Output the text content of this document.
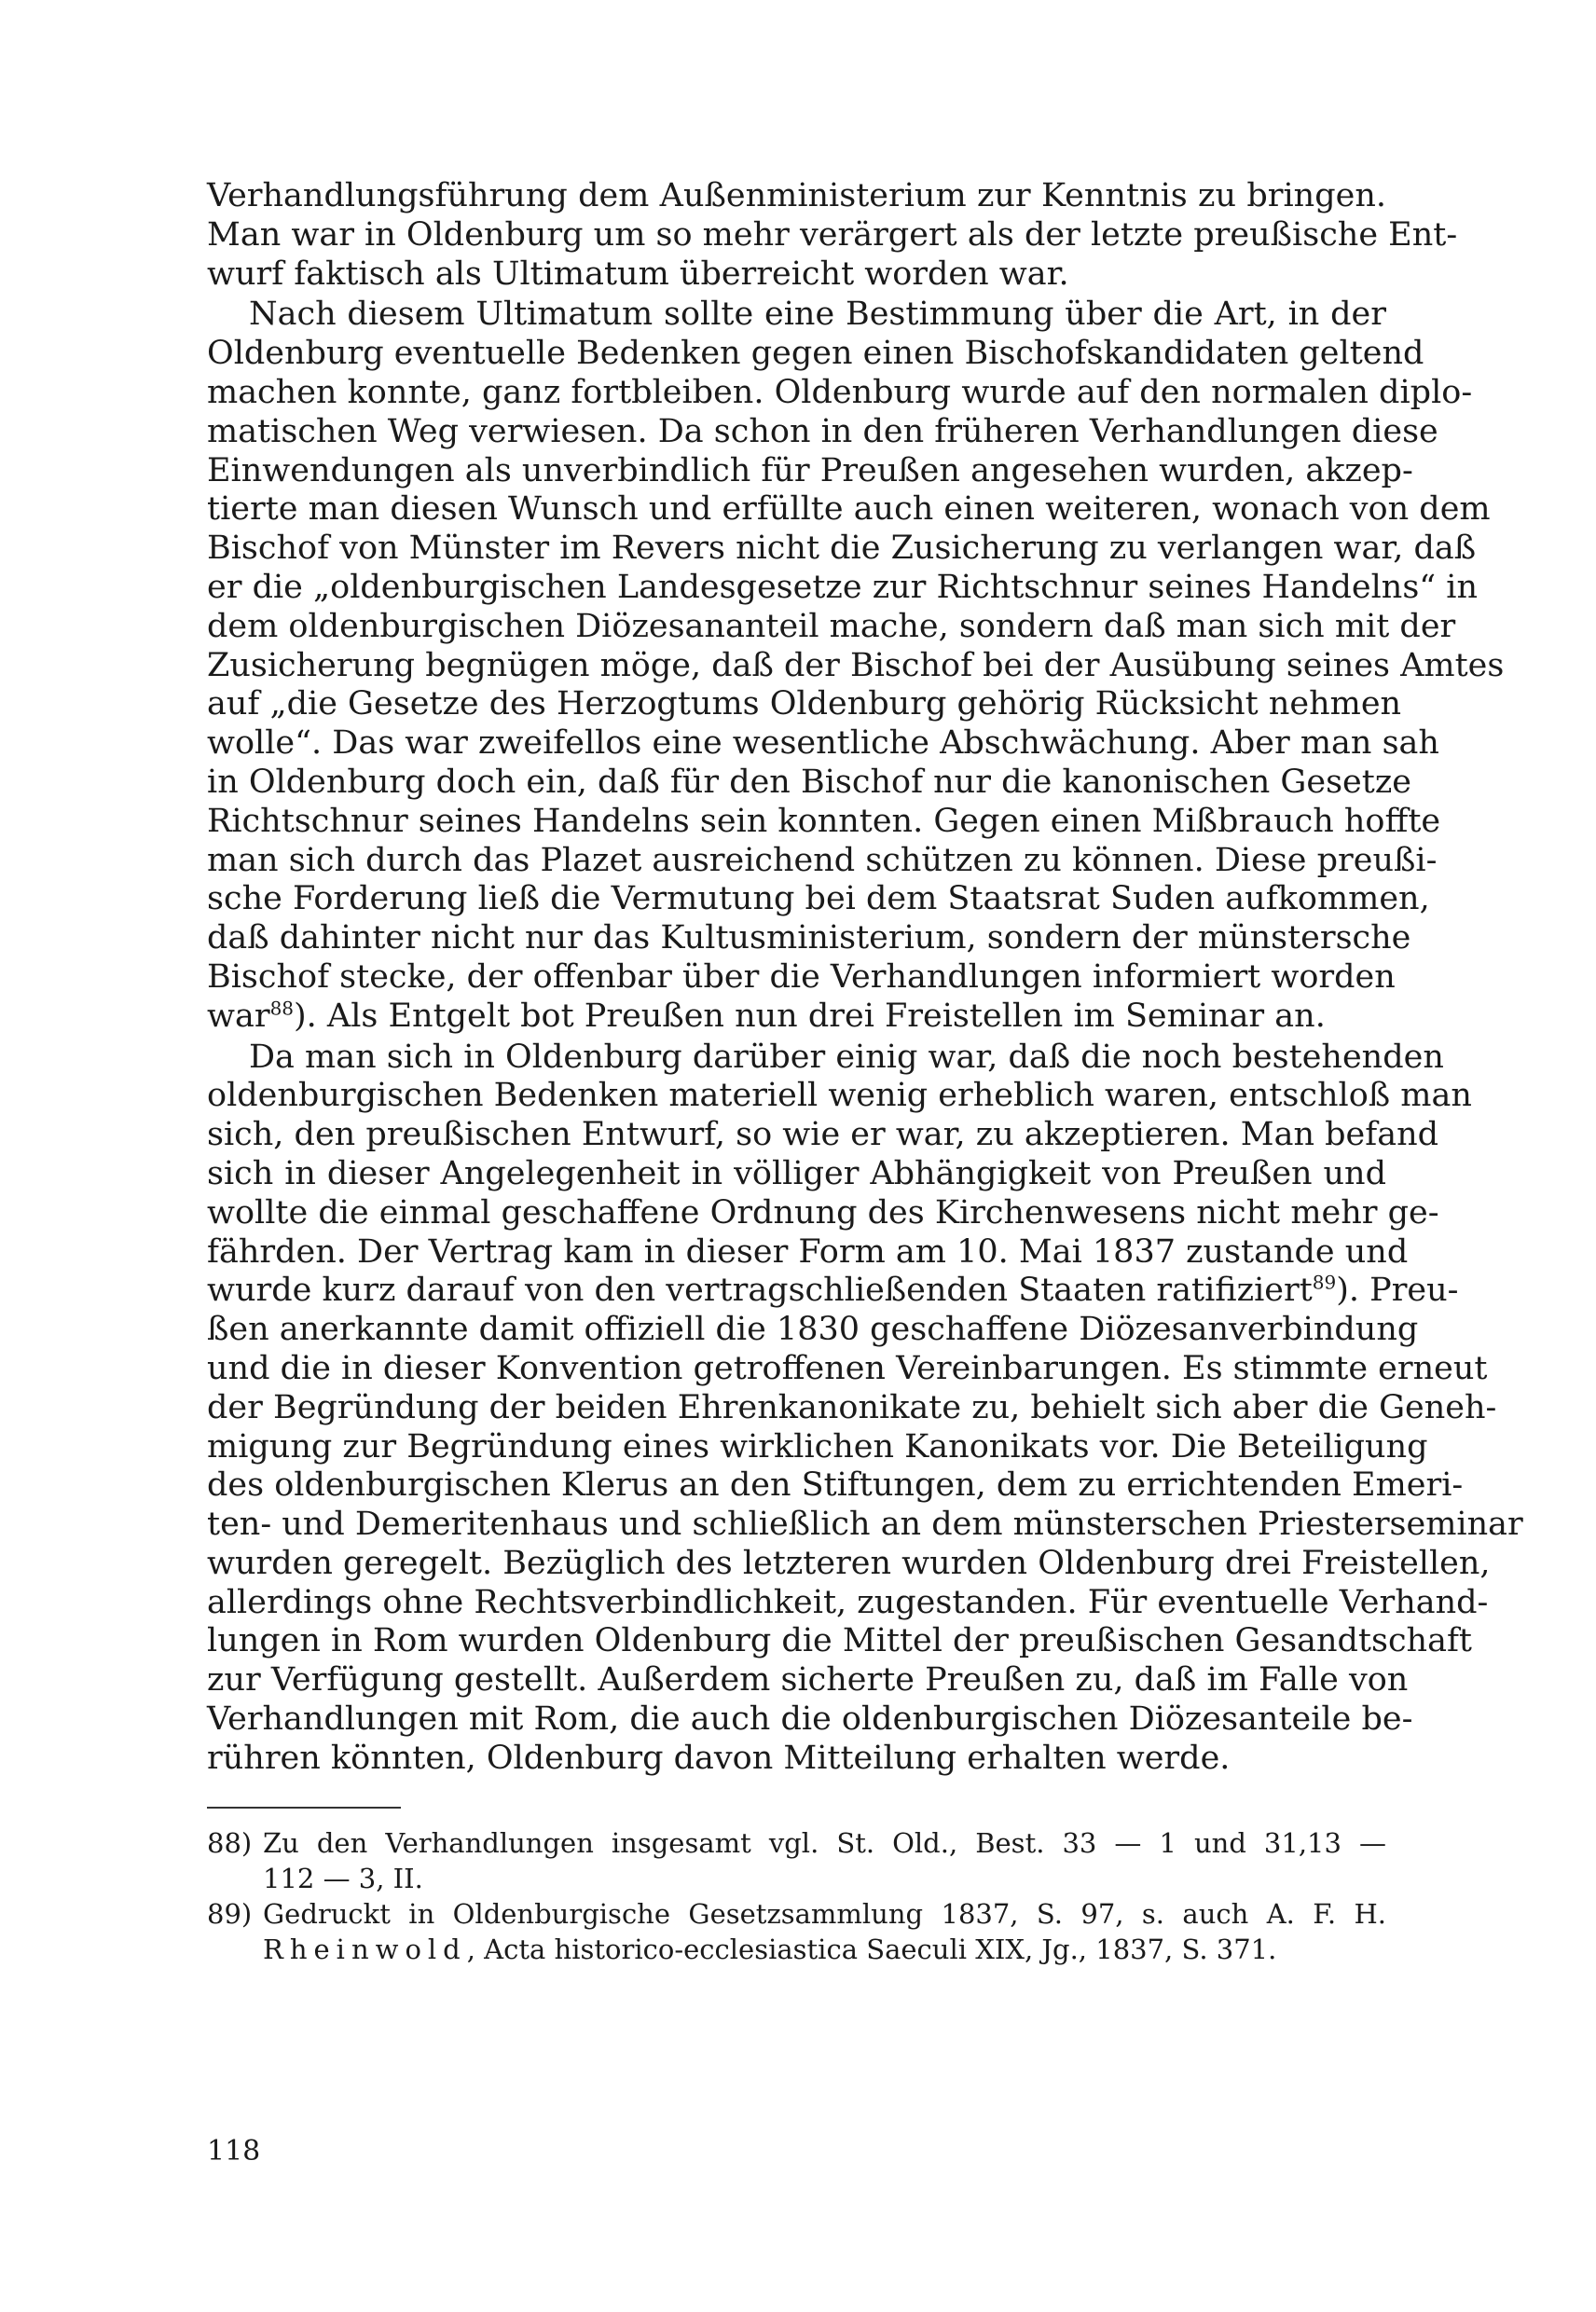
Verhandlungsführung dem Außenministerium zur Kenntnis zu bringen.
Man war in Oldenburg um so mehr verärgert als der letzte preußische Ent-
wurf faktisch als Ultimatum überreicht worden war.

Nach diesem Ultimatum sollte eine Bestimmung über die Art, in der
Oldenburg eventuelle Bedenken gegen einen Bischofskandidaten geltend
machen konnte, ganz fortbleiben. Oldenburg wurde auf den normalen diplo-
matischen Weg verwiesen. Da schon in den früheren Verhandlungen diese
Einwendungen als unverbindlich für Preußen angesehen wurden, akzep-
tierte man diesen Wunsch und erfüllte auch einen weiteren, wonach von dem
Bischof von Münster im Revers nicht die Zusicherung zu verlangen war, daß
er die „oldenburgischen Landesgesetze zur Richtschnur seines Handelns“ in
dem oldenburgischen Diözesananteil mache, sondern daß man sich mit der
Zusicherung begnügen möge, daß der Bischof bei der Ausübung seines Amtes
auf „die Gesetze des Herzogtums Oldenburg gehörig Rücksicht nehmen
wolle“. Das war zweifellos eine wesentliche Abschwächung. Aber man sah
in Oldenburg doch ein, daß für den Bischof nur die kanonischen Gesetze
Richtschnur seines Handelns sein konnten. Gegen einen Mißbrauch hoffte
man sich durch das Plazet ausreichend schützen zu können. Diese preußi-
sche Forderung ließ die Vermutung bei dem Staatsrat Suden aufkommen,
daß dahinter nicht nur das Kultusministerium, sondern der münstersche
Bischof stecke, der offenbar über die Verhandlungen informiert worden
war$^{88}$). Als Entgelt bot Preußen nun drei Freistellen im Seminar an.

Da man sich in Oldenburg darüber einig war, daß die noch bestehenden
oldenburgischen Bedenken materiell wenig erheblich waren, entschloß man
sich, den preußischen Entwurf, so wie er war, zu akzeptieren. Man befand
sich in dieser Angelegenheit in völliger Abhängigkeit von Preußen und
wollte die einmal geschaffene Ordnung des Kirchenwesens nicht mehr ge-
fährden. Der Vertrag kam in dieser Form am 10. Mai 1837 zustande und
wurde kurz darauf von den vertragschließenden Staaten ratifiziert$^{89}$). Preu-
ßen anerkannte damit offiziell die 1830 geschaffene Diözesanverbindung
und die in dieser Konvention getroffenen Vereinbarungen. Es stimmte erneut
der Begründung der beiden Ehrenkanonikate zu, behielt sich aber die Geneh-
migung zur Begründung eines wirklichen Kanonikats vor. Die Beteiligung
des oldenburgischen Klerus an den Stiftungen, dem zu errichtenden Emeri-
ten- und Demeritenhaus und schließlich an dem münsterschen Priesterseminar
wurden geregelt. Bezüglich des letzteren wurden Oldenburg drei Freistellen,
allerdings ohne Rechtsverbindlichkeit, zugestanden. Für eventuelle Verhand-
lungen in Rom wurden Oldenburg die Mittel der preußischen Gesandtschaft
zur Verfügung gestellt. Außerdem sicherte Preußen zu, daß im Falle von
Verhandlungen mit Rom, die auch die oldenburgischen Diözesanteile be-
rühren könnten, Oldenburg davon Mitteilung erhalten werde.

88) Zu den Verhandlungen insgesamt vgl. St. Old., Best. 33 — 1 und 31,13 —
112 — 3, II.
89) Gedruckt in Oldenburgische Gesetzsammlung 1837, S. 97, s. auch A. F. H.
Rheinwold, Acta historico-ecclesiastica Saeculi XIX, Jg., 1837, S. 371.
118
